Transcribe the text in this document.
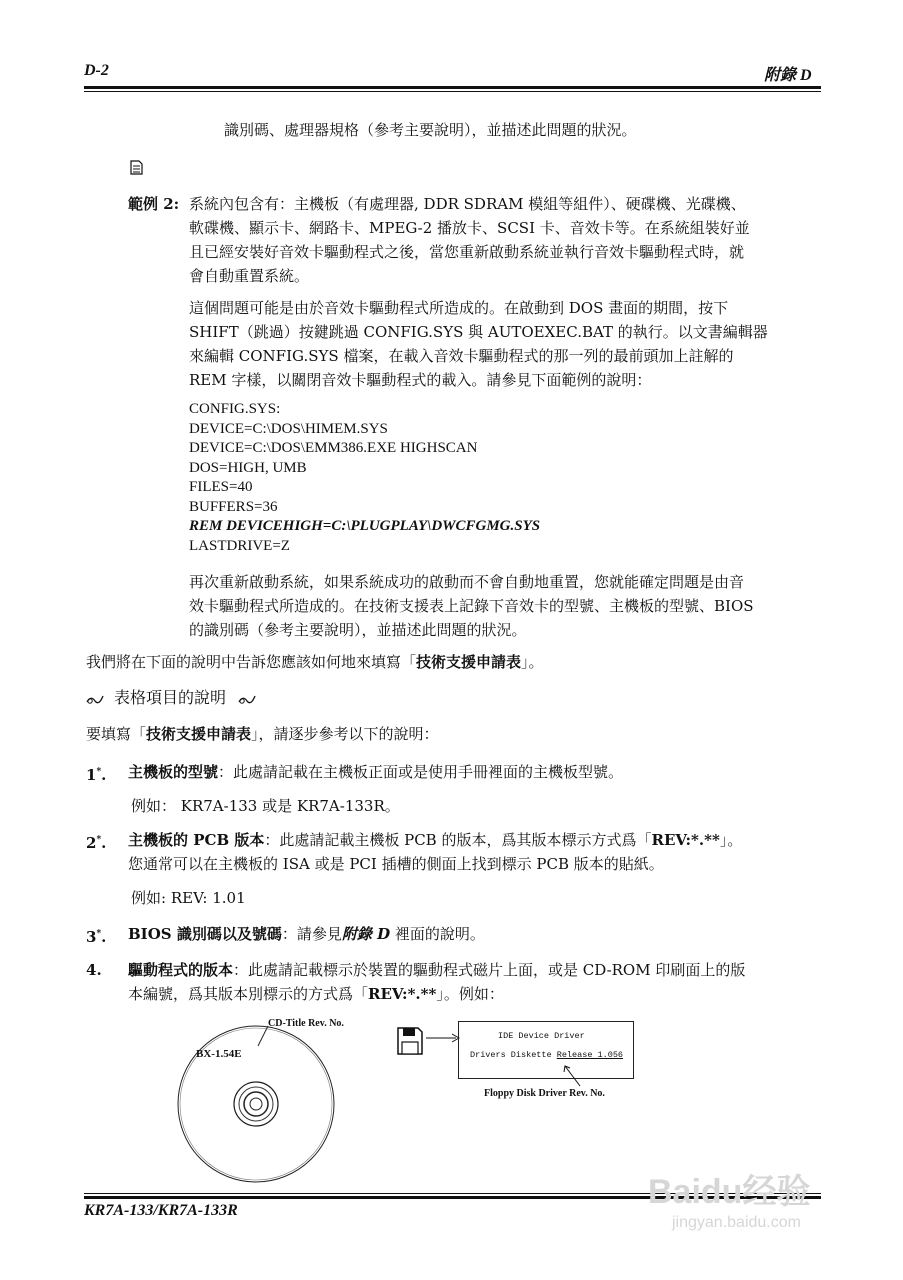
D-2	附錄 D
識別碼、處理器規格（參考主要說明），並描述此問題的狀況。
範例 2: 系統內包含有：主機板（有處理器, DDR SDRAM 模組等組件）、硬碟機、光碟機、
軟碟機、顯示卡、網路卡、MPEG-2 播放卡、SCSI 卡、音效卡等。在系統組裝好並
且已經安裝好音效卡驅動程式之後，當您重新啟動系統並執行音效卡驅動程式時，就
會自動重置系統。
這個問題可能是由於音效卡驅動程式所造成的。在啟動到 DOS 畫面的期間，按下
SHIFT（跳過）按鍵跳過 CONFIG.SYS 與 AUTOEXEC.BAT 的執行。以文書編輯器
來編輯 CONFIG.SYS 檔案，在載入音效卡驅動程式的那一列的最前頭加上註解的
REM 字樣，以關閉音效卡驅動程式的載入。請參見下面範例的說明：
CONFIG.SYS:
DEVICE=C:\DOS\HIMEM.SYS
DEVICE=C:\DOS\EMM386.EXE HIGHSCAN
DOS=HIGH, UMB
FILES=40
BUFFERS=36
REM DEVICEHIGH=C:\PLUGPLAY\DWCFGMG.SYS
LASTDRIVE=Z
再次重新啟動系統，如果系統成功的啟動而不會自動地重置，您就能確定問題是由音
效卡驅動程式所造成的。在技術支援表上記錄下音效卡的型號、主機板的型號、BIOS
的識別碼（參考主要說明），並描述此問題的狀況。
我們將在下面的說明中告訴您應該如何地來填寫「技術支援申請表」。
表格項目的說明
要填寫「技術支援申請表」，請逐步參考以下的說明：
1*. 主機板的型號：此處請記載在主機板正面或是使用手冊裡面的主機板型號。
例如： KR7A-133 或是 KR7A-133R。
2*. 主機板的 PCB 版本：此處請記載主機板 PCB 的版本，爲其版本標示方式爲「REV:*.**」。
您通常可以在主機板的 ISA 或是 PCI 插槽的側面上找到標示 PCB 版本的貼紙。
例如: REV: 1.01
3*. BIOS 識別碼以及號碼：請參見附錄 D 裡面的說明。
4. 驅動程式的版本：此處請記載標示於裝置的驅動程式磁片上面，或是 CD-ROM 印刷面上的版
本編號，爲其版本別標示的方式爲「REV:*.**」。例如：
CD-Title Rev. No.
BX-1.54E
IDE Device Driver
Drivers Diskette Release 1.056
Floppy Disk Driver Rev. No.
KR7A-133/KR7A-133R	Baidu经验
jingyan.baidu.com
